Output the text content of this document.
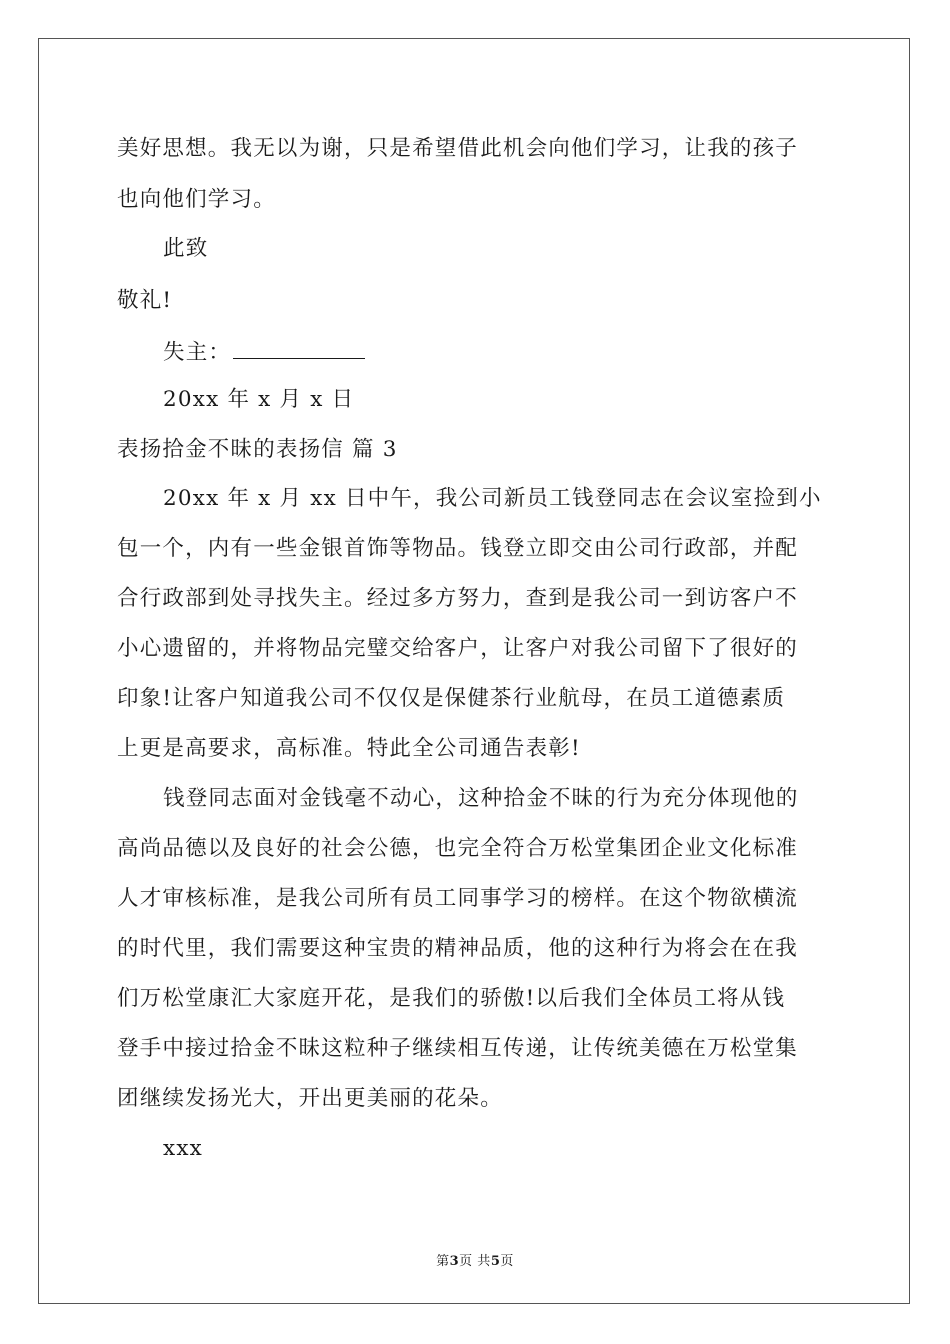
美好思想。我无以为谢，只是希望借此机会向他们学习，让我的孩子
也向他们学习。
此致
敬礼!
失主：
20xx 年 x 月 x 日
表扬拾金不昧的表扬信 篇 3
20xx 年 x 月 xx 日中午，我公司新员工钱登同志在会议室捡到小
包一个，内有一些金银首饰等物品。钱登立即交由公司行政部，并配
合行政部到处寻找失主。经过多方努力，查到是我公司一到访客户不
小心遗留的，并将物品完璧交给客户，让客户对我公司留下了很好的
印象!让客户知道我公司不仅仅是保健茶行业航母，在员工道德素质
上更是高要求，高标准。特此全公司通告表彰!
钱登同志面对金钱毫不动心，这种拾金不昧的行为充分体现他的
高尚品德以及良好的社会公德，也完全符合万松堂集团企业文化标准
人才审核标准，是我公司所有员工同事学习的榜样。在这个物欲横流
的时代里，我们需要这种宝贵的精神品质，他的这种行为将会在在我
们万松堂康汇大家庭开花，是我们的骄傲!以后我们全体员工将从钱
登手中接过拾金不昧这粒种子继续相互传递，让传统美德在万松堂集
团继续发扬光大，开出更美丽的花朵。
xxx
第3页 共5页
